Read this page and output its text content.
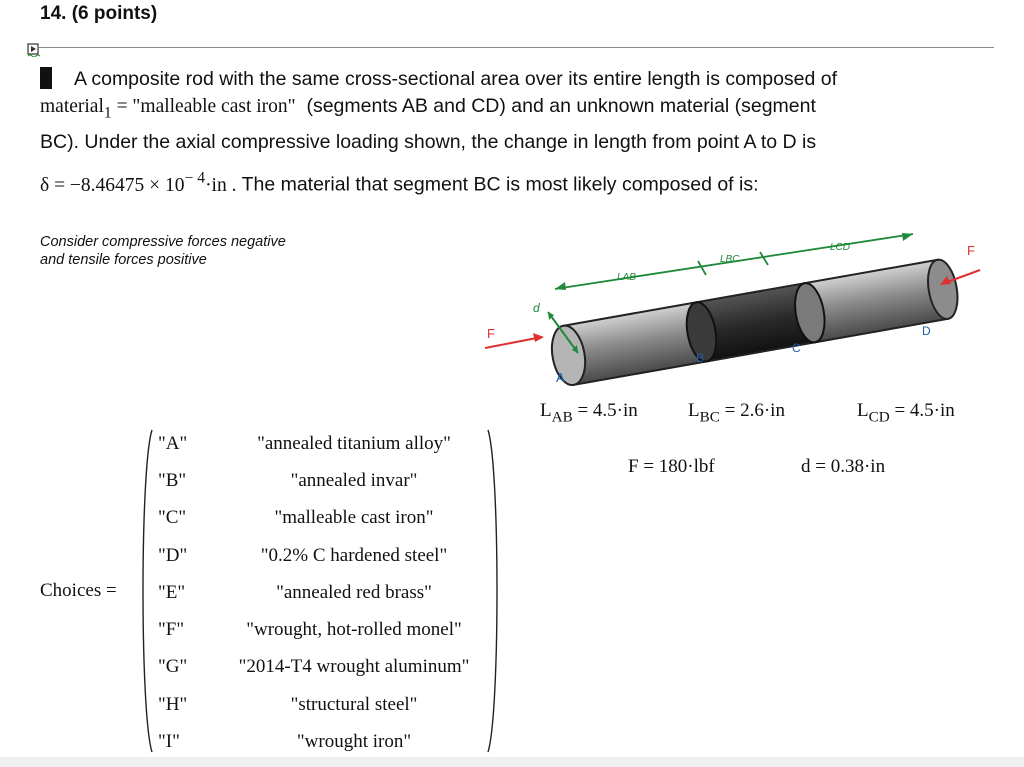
14. (6 points)
A composite rod with the same cross-sectional area over its entire length is composed of
material$_1$ = "malleable cast iron" (segments AB and CD) and an unknown material (segment
BC). Under the axial compressive loading shown, the change in length from point A to D is
$\delta = -8.46475 \times 10^{- 4}\cdot in$ . The material that segment BC is most likely composed of is:
Consider compressive forces negative
and tensile forces positive
LAB
LBC
LCD
F
F
d
A
B
C
D
$L_{AB} = 4.5\cdot in$	$L_{BC} = 2.6\cdot in$	$L_{CD} = 4.5\cdot in$
F = 180·lbf	d = 0.38·in
Choices =
"A"	"annealed titanium alloy"
"B"	"annealed invar"
"C"	"malleable cast iron"
"D"	"0.2% C hardened steel"
"E"	"annealed red brass"
"F"	"wrought, hot-rolled monel"
"G"	"2014-T4 wrought aluminum"
"H"	"structural steel"
"I"	"wrought iron"
